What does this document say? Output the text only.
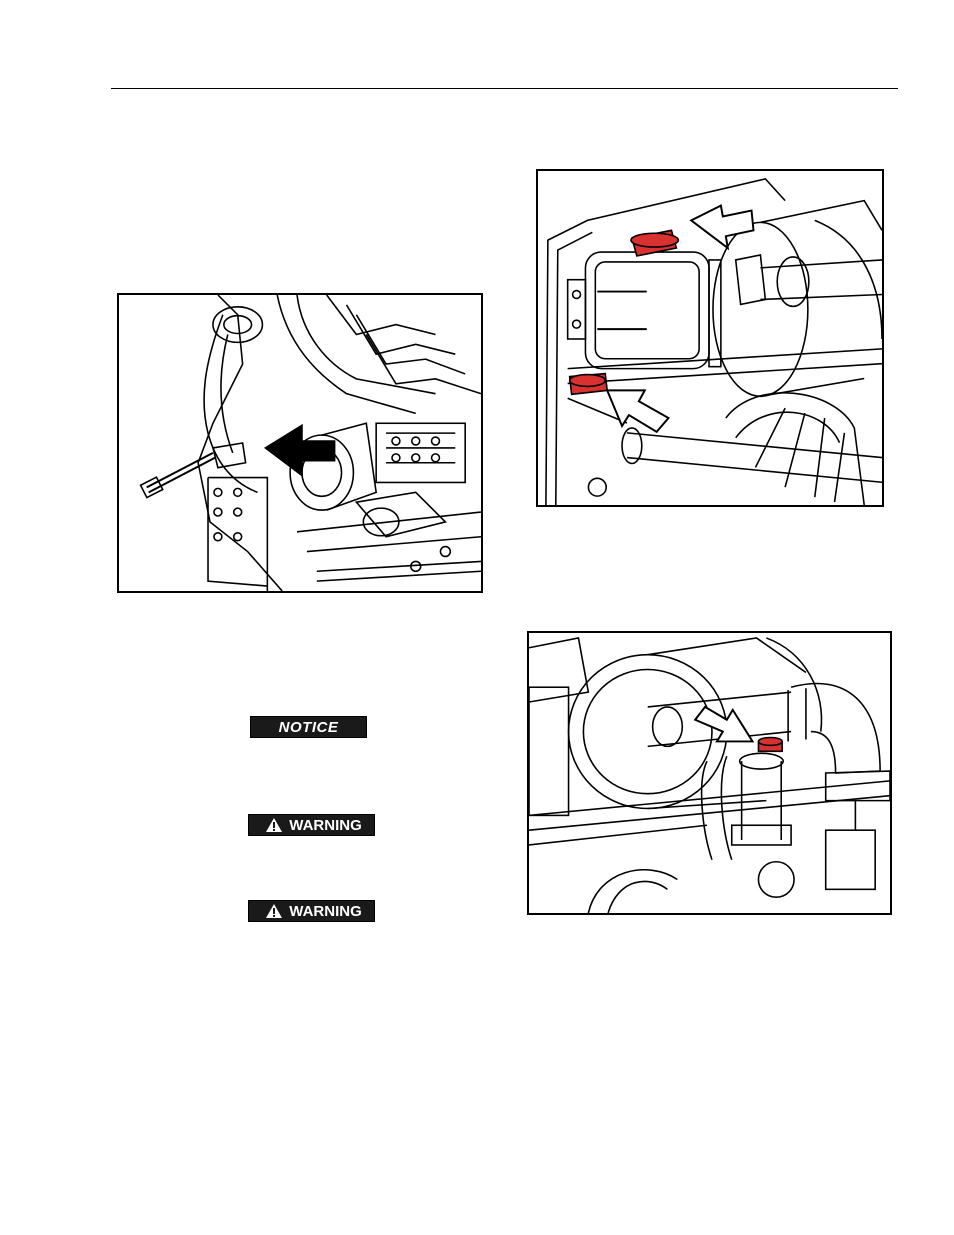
NOTICE
WARNING
WARNING
